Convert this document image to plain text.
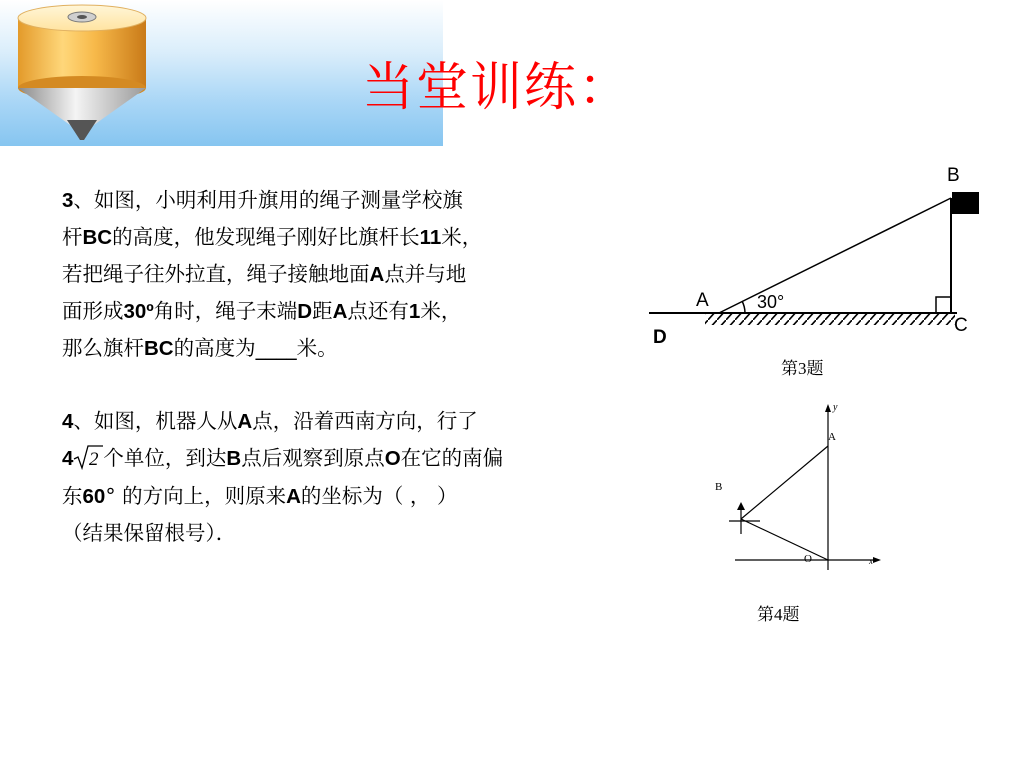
当堂训练：
3、如图，小明利用升旗用的绳子测量学校旗
杆BC的高度，他发现绳子刚好比旗杆长11米，
若把绳子往外拉直，绳子接触地面A点并与地
面形成30º角时，绳子末端D距A点还有1米，
那么旗杆BC的高度为____米。
4、如图，机器人从A点，沿着西南方向，行了
4 2 个单位，到达B点后观察到原点O在它的南偏
东60° 的方向上，则原来A的坐标为（ ， ）
（结果保留根号）．
30°
A
B
C
D
第3题
y
A
B
O	x
第4题
